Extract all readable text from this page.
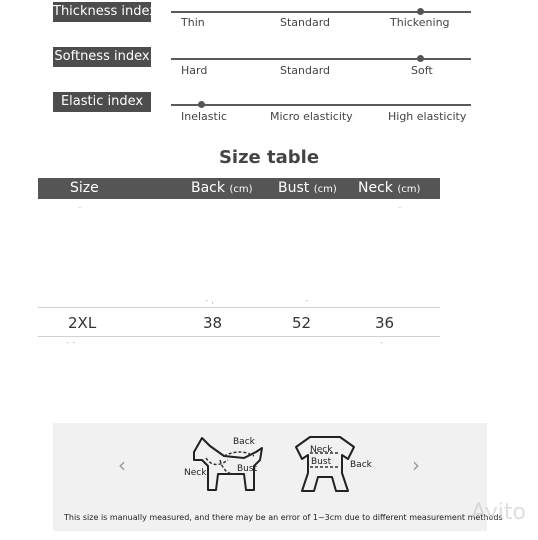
Thickness index
Thin	Standard	Thickening
Softness index
Hard	Standard	Soft
Elastic index
Inelastic	Micro elasticity	High elasticity
Size table
Size	Back (cm) Bust (cm) Neck (cm)
-	-
- ,	-
2XL	38	52	36
- -	-
‹	›
Back
Neck	Bust
Neck
Bust Back
This size is manually measured, and there may be an error of 1~3cm due to different measurement methods
Avito
